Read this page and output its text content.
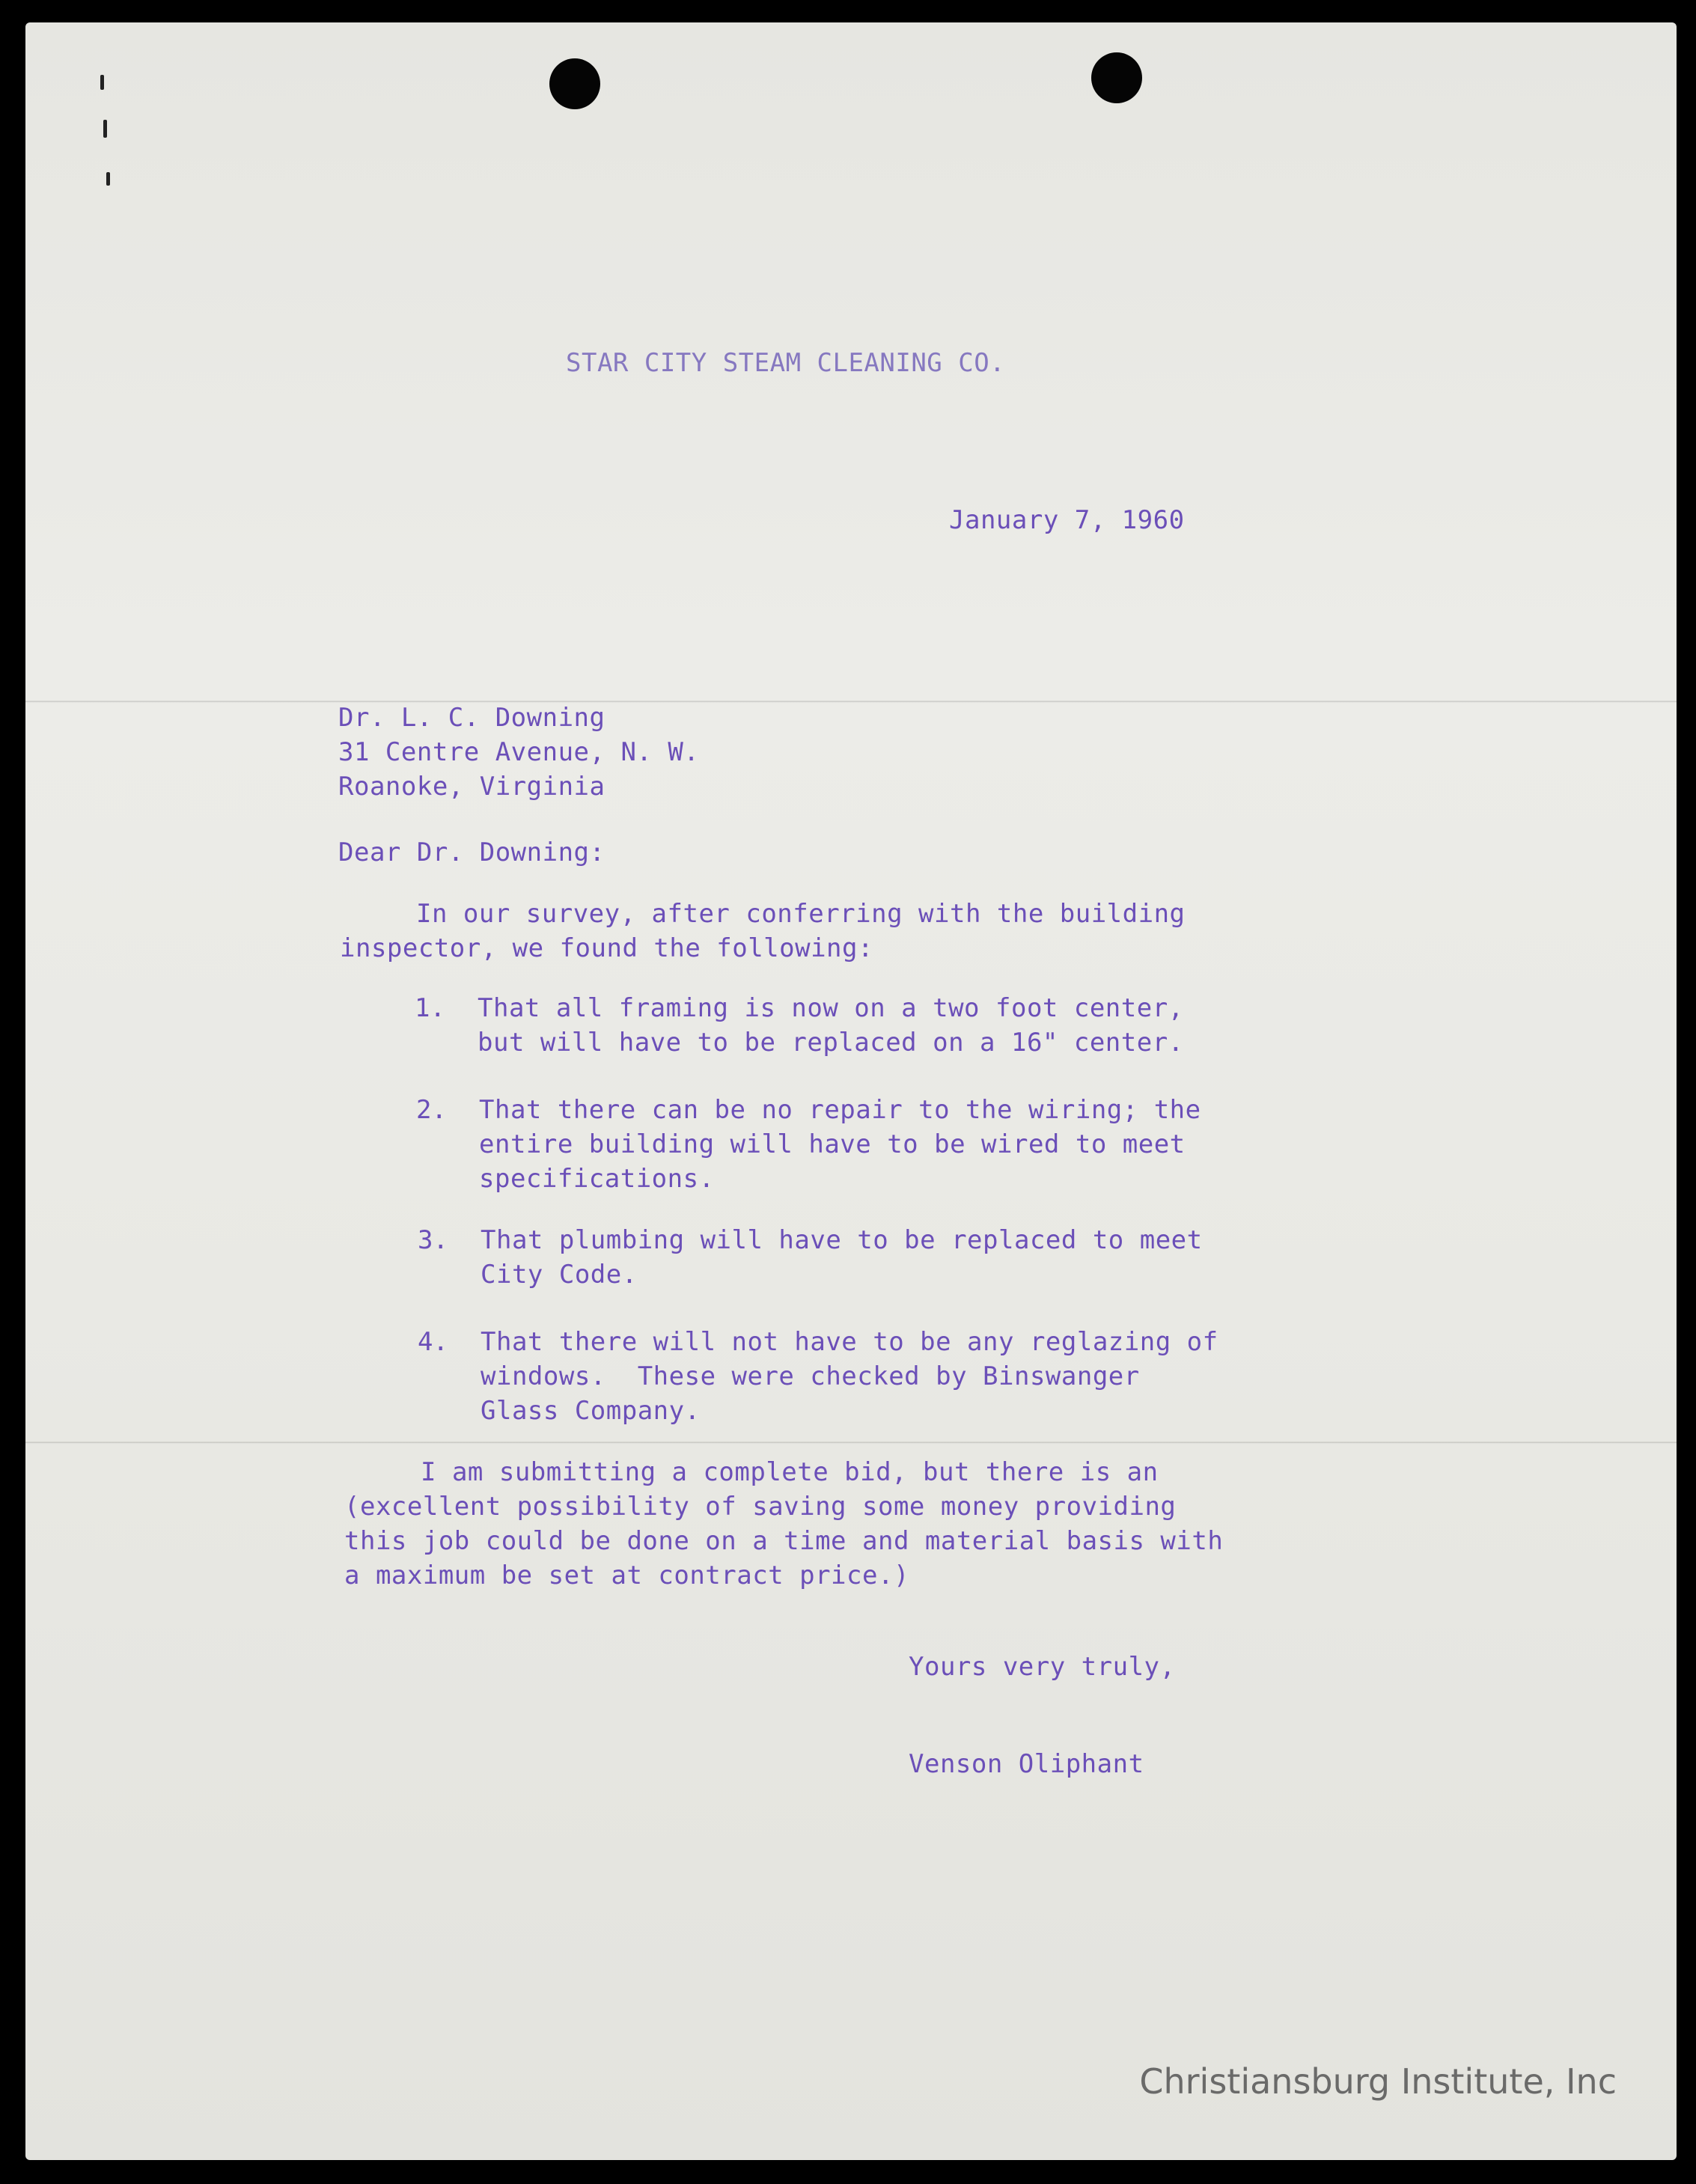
STAR CITY STEAM CLEANING CO.
January 7, 1960
Dr. L. C. Downing
31 Centre Avenue, N. W.
Roanoke, Virginia
Dear Dr. Downing:
In our survey, after conferring with the building
inspector, we found the following:
1. That all framing is now on a two foot center,
but will have to be replaced on a 16" center.
2. That there can be no repair to the wiring; the
entire building will have to be wired to meet
specifications.
3. That plumbing will have to be replaced to meet
City Code.
4. That there will not have to be any reglazing of
windows.  These were checked by Binswanger
Glass Company.
I am submitting a complete bid, but there is an
(excellent possibility of saving some money providing
this job could be done on a time and material basis with
a maximum be set at contract price.)
Yours very truly,
Venson Oliphant
Christiansburg Institute, Inc
